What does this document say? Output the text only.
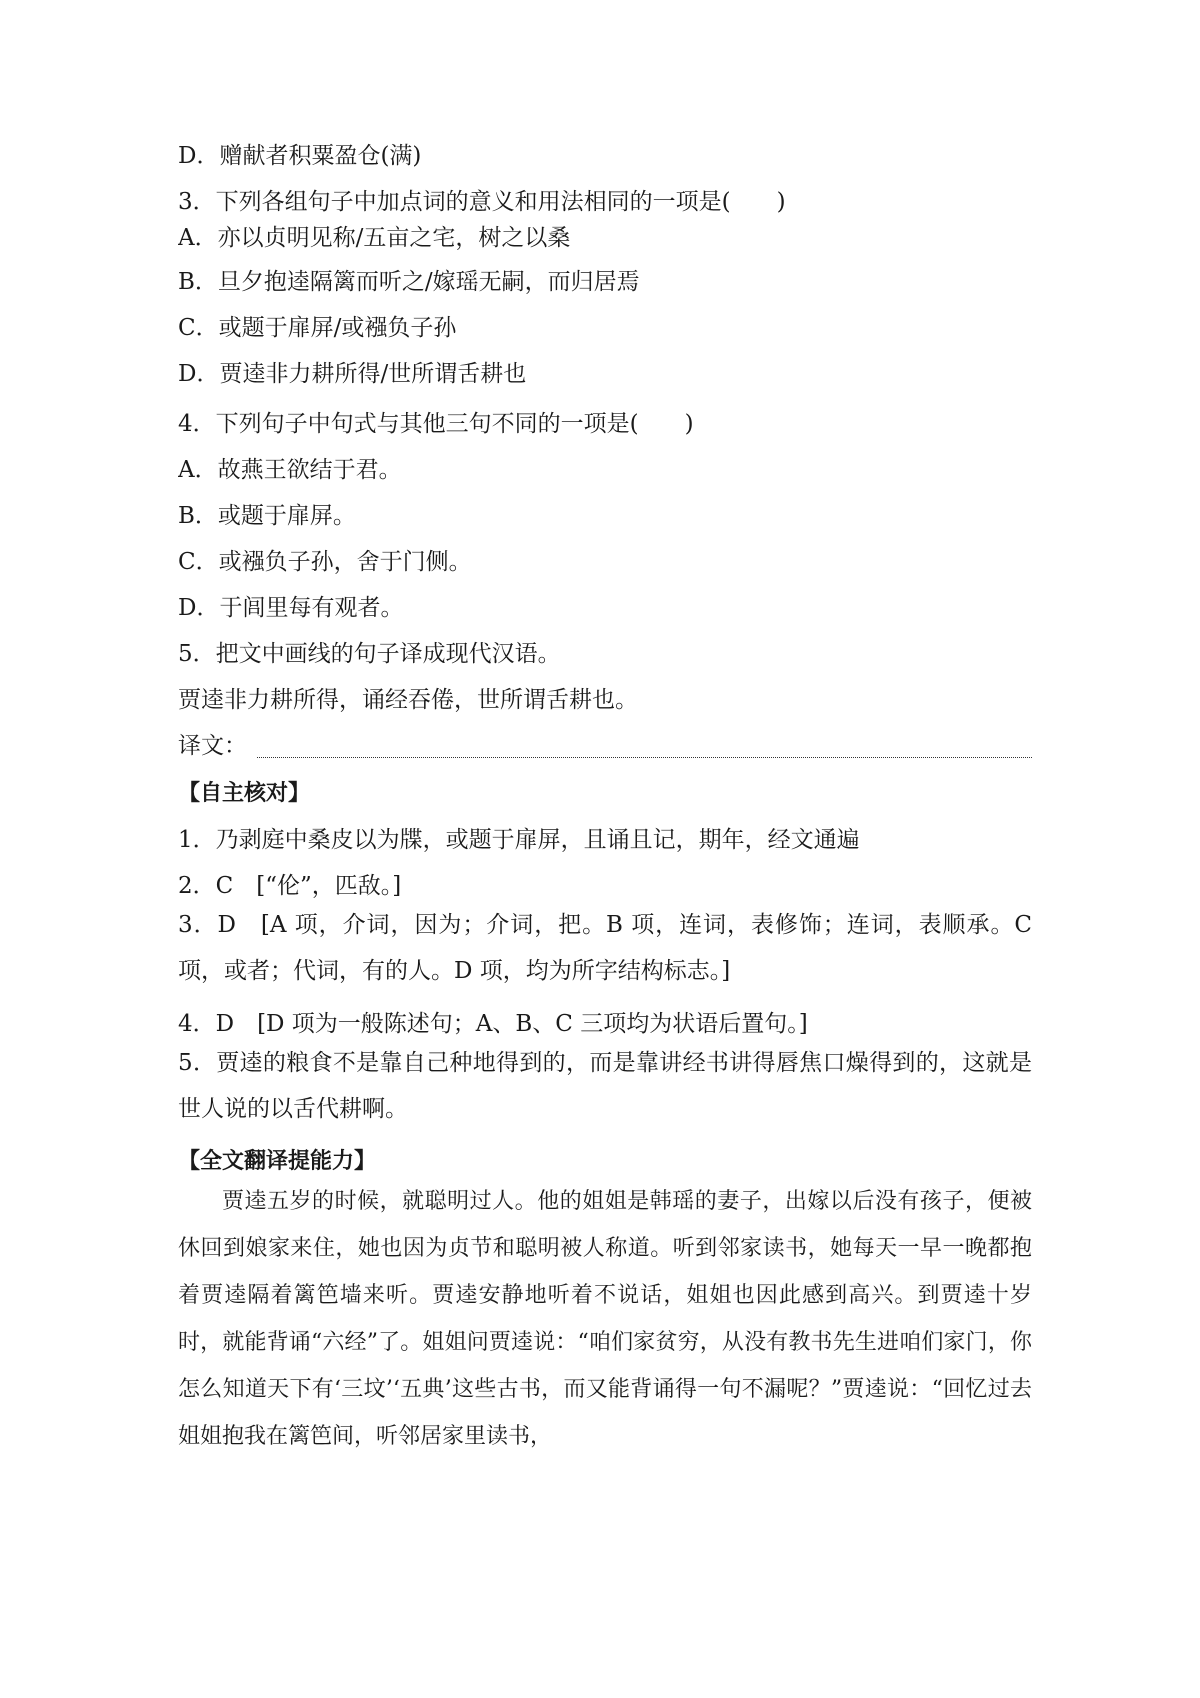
D．赠献者积粟盈仓(满)
3．下列各组句子中加点词的意义和用法相同的一项是(　　)
A．亦以贞明见称/五亩之宅，树之以桑
B．旦夕抱逵隔篱而听之/嫁瑶无嗣，而归居焉
C．或题于扉屏/或襁负子孙
D．贾逵非力耕所得/世所谓舌耕也
4．下列句子中句式与其他三句不同的一项是(　　)
A．故燕王欲结于君。
B．或题于扉屏。
C．或襁负子孙，舍于门侧。
D．于闾里每有观者。
5．把文中画线的句子译成现代汉语。
贾逵非力耕所得，诵经吞倦，世所谓舌耕也。
译文：
【自主核对】
1．乃剥庭中桑皮以为牒，或题于扉屏，且诵且记，期年，经文通遍
2．C　[“伦”，匹敌。]
3．D　[A 项，介词，因为；介词，把。B 项，连词，表修饰；连词，表顺承。C 项，或者；代词，有的人。D 项，均为所字结构标志。]
4．D　[D 项为一般陈述句；A、B、C 三项均为状语后置句。]
5．贾逵的粮食不是靠自己种地得到的，而是靠讲经书讲得唇焦口燥得到的，这就是世人说的以舌代耕啊。
【全文翻译提能力】
贾逵五岁的时候，就聪明过人。他的姐姐是韩瑶的妻子，出嫁以后没有孩子，便被休回到娘家来住，她也因为贞节和聪明被人称道。听到邻家读书，她每天一早一晚都抱着贾逵隔着篱笆墙来听。贾逵安静地听着不说话，姐姐也因此感到高兴。到贾逵十岁时，就能背诵“六经”了。姐姐问贾逵说：“咱们家贫穷，从没有教书先生进咱们家门，你怎么知道天下有‘三坟’‘五典’这些古书，而又能背诵得一句不漏呢？”贾逵说：“回忆过去姐姐抱我在篱笆间，听邻居家里读书，
